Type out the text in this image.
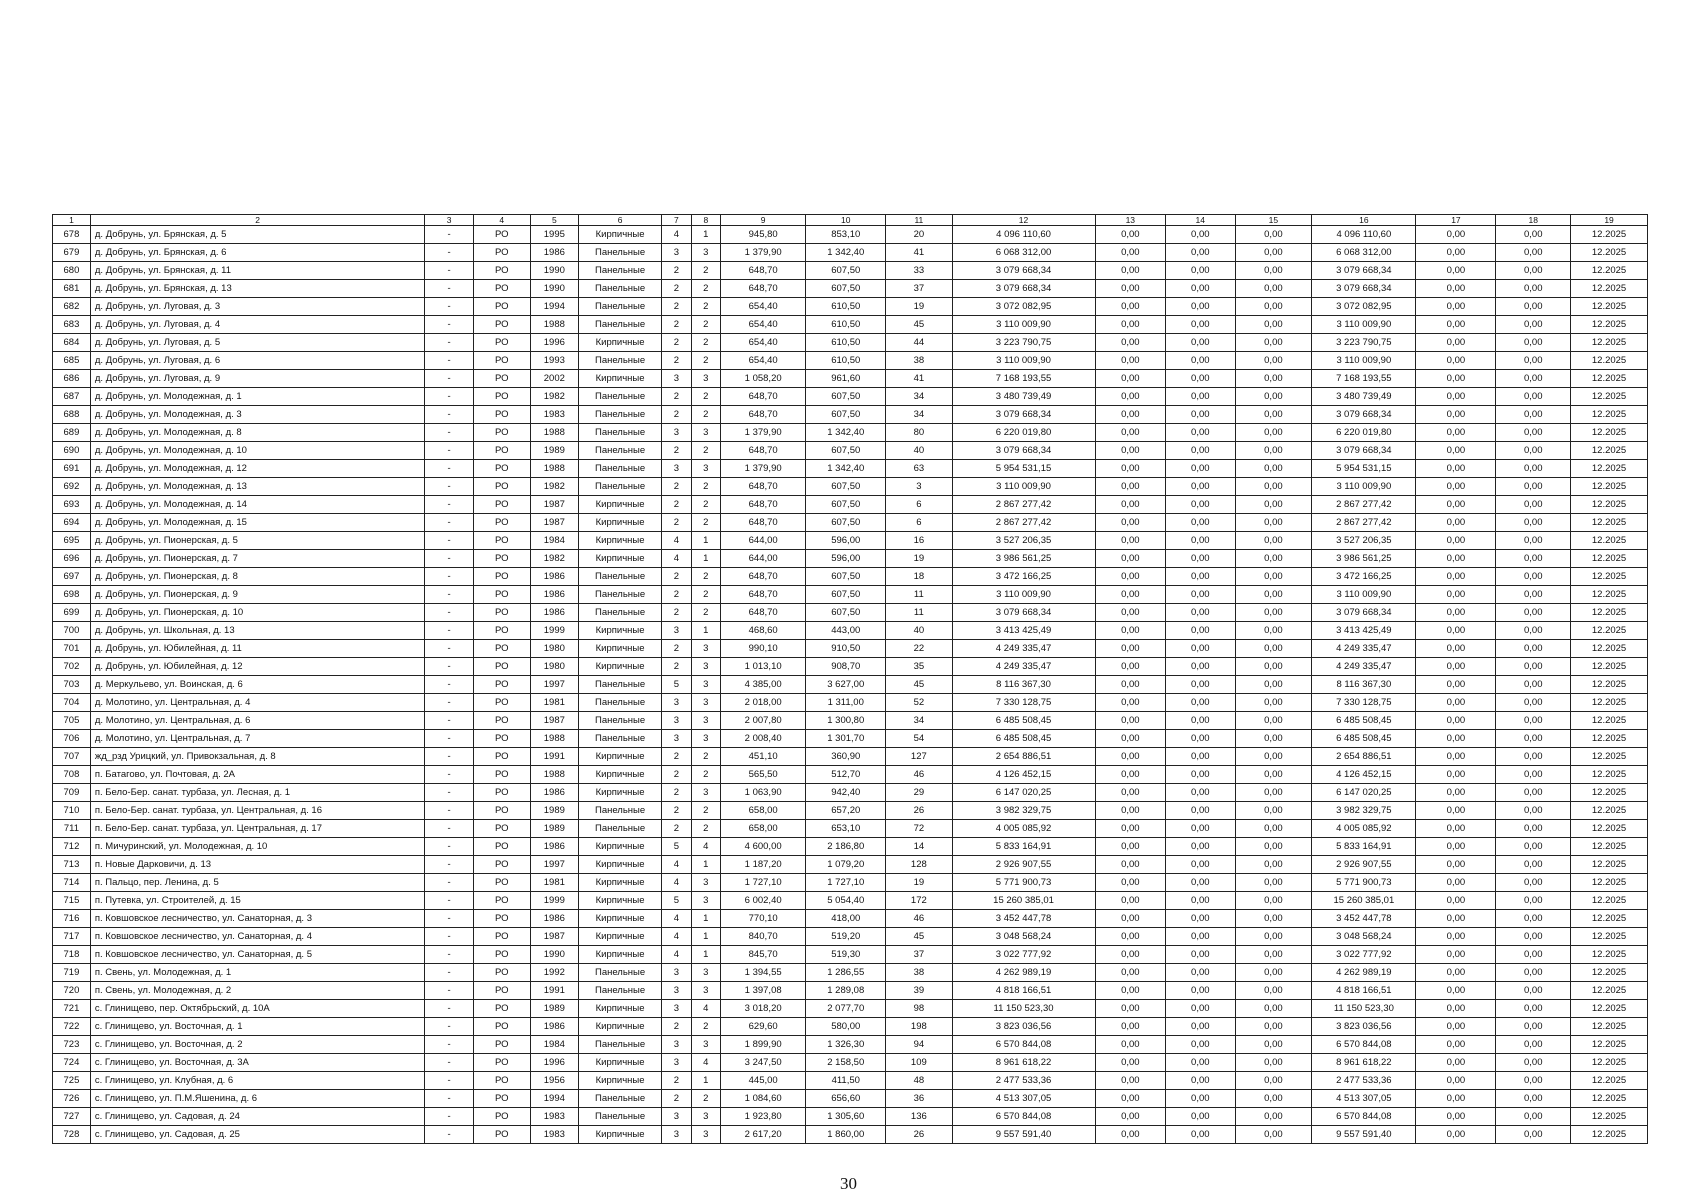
1	2	3	4	5	6	7	8	9	10	11	12	13	14	15	16	17	18	19
678	д. Добрунь, ул. Брянская, д. 5	-	РО	1995	Кирпичные	4	1	945,80	853,10	20	4 096 110,60	0,00	0,00	0,00	4 096 110,60	0,00	0,00	12.2025
679	д. Добрунь, ул. Брянская, д. 6	-	РО	1986	Панельные	3	3	1 379,90	1 342,40	41	6 068 312,00	0,00	0,00	0,00	6 068 312,00	0,00	0,00	12.2025
680	д. Добрунь, ул. Брянская, д. 11	-	РО	1990	Панельные	2	2	648,70	607,50	33	3 079 668,34	0,00	0,00	0,00	3 079 668,34	0,00	0,00	12.2025
681	д. Добрунь, ул. Брянская, д. 13	-	РО	1990	Панельные	2	2	648,70	607,50	37	3 079 668,34	0,00	0,00	0,00	3 079 668,34	0,00	0,00	12.2025
682	д. Добрунь, ул. Луговая, д. 3	-	РО	1994	Панельные	2	2	654,40	610,50	19	3 072 082,95	0,00	0,00	0,00	3 072 082,95	0,00	0,00	12.2025
683	д. Добрунь, ул. Луговая, д. 4	-	РО	1988	Панельные	2	2	654,40	610,50	45	3 110 009,90	0,00	0,00	0,00	3 110 009,90	0,00	0,00	12.2025
684	д. Добрунь, ул. Луговая, д. 5	-	РО	1996	Кирпичные	2	2	654,40	610,50	44	3 223 790,75	0,00	0,00	0,00	3 223 790,75	0,00	0,00	12.2025
685	д. Добрунь, ул. Луговая, д. 6	-	РО	1993	Панельные	2	2	654,40	610,50	38	3 110 009,90	0,00	0,00	0,00	3 110 009,90	0,00	0,00	12.2025
686	д. Добрунь, ул. Луговая, д. 9	-	РО	2002	Кирпичные	3	3	1 058,20	961,60	41	7 168 193,55	0,00	0,00	0,00	7 168 193,55	0,00	0,00	12.2025
687	д. Добрунь, ул. Молодежная, д. 1	-	РО	1982	Панельные	2	2	648,70	607,50	34	3 480 739,49	0,00	0,00	0,00	3 480 739,49	0,00	0,00	12.2025
688	д. Добрунь, ул. Молодежная, д. 3	-	РО	1983	Панельные	2	2	648,70	607,50	34	3 079 668,34	0,00	0,00	0,00	3 079 668,34	0,00	0,00	12.2025
689	д. Добрунь, ул. Молодежная, д. 8	-	РО	1988	Панельные	3	3	1 379,90	1 342,40	80	6 220 019,80	0,00	0,00	0,00	6 220 019,80	0,00	0,00	12.2025
690	д. Добрунь, ул. Молодежная, д. 10	-	РО	1989	Панельные	2	2	648,70	607,50	40	3 079 668,34	0,00	0,00	0,00	3 079 668,34	0,00	0,00	12.2025
691	д. Добрунь, ул. Молодежная, д. 12	-	РО	1988	Панельные	3	3	1 379,90	1 342,40	63	5 954 531,15	0,00	0,00	0,00	5 954 531,15	0,00	0,00	12.2025
692	д. Добрунь, ул. Молодежная, д. 13	-	РО	1982	Панельные	2	2	648,70	607,50	3	3 110 009,90	0,00	0,00	0,00	3 110 009,90	0,00	0,00	12.2025
693	д. Добрунь, ул. Молодежная, д. 14	-	РО	1987	Кирпичные	2	2	648,70	607,50	6	2 867 277,42	0,00	0,00	0,00	2 867 277,42	0,00	0,00	12.2025
694	д. Добрунь, ул. Молодежная, д. 15	-	РО	1987	Кирпичные	2	2	648,70	607,50	6	2 867 277,42	0,00	0,00	0,00	2 867 277,42	0,00	0,00	12.2025
695	д. Добрунь, ул. Пионерская, д. 5	-	РО	1984	Кирпичные	4	1	644,00	596,00	16	3 527 206,35	0,00	0,00	0,00	3 527 206,35	0,00	0,00	12.2025
696	д. Добрунь, ул. Пионерская, д. 7	-	РО	1982	Кирпичные	4	1	644,00	596,00	19	3 986 561,25	0,00	0,00	0,00	3 986 561,25	0,00	0,00	12.2025
697	д. Добрунь, ул. Пионерская, д. 8	-	РО	1986	Панельные	2	2	648,70	607,50	18	3 472 166,25	0,00	0,00	0,00	3 472 166,25	0,00	0,00	12.2025
698	д. Добрунь, ул. Пионерская, д. 9	-	РО	1986	Панельные	2	2	648,70	607,50	11	3 110 009,90	0,00	0,00	0,00	3 110 009,90	0,00	0,00	12.2025
699	д. Добрунь, ул. Пионерская, д. 10	-	РО	1986	Панельные	2	2	648,70	607,50	11	3 079 668,34	0,00	0,00	0,00	3 079 668,34	0,00	0,00	12.2025
700	д. Добрунь, ул. Школьная, д. 13	-	РО	1999	Кирпичные	3	1	468,60	443,00	40	3 413 425,49	0,00	0,00	0,00	3 413 425,49	0,00	0,00	12.2025
701	д. Добрунь, ул. Юбилейная, д. 11	-	РО	1980	Кирпичные	2	3	990,10	910,50	22	4 249 335,47	0,00	0,00	0,00	4 249 335,47	0,00	0,00	12.2025
702	д. Добрунь, ул. Юбилейная, д. 12	-	РО	1980	Кирпичные	2	3	1 013,10	908,70	35	4 249 335,47	0,00	0,00	0,00	4 249 335,47	0,00	0,00	12.2025
703	д. Меркульево, ул. Воинская, д. 6	-	РО	1997	Панельные	5	3	4 385,00	3 627,00	45	8 116 367,30	0,00	0,00	0,00	8 116 367,30	0,00	0,00	12.2025
704	д. Молотино, ул. Центральная, д. 4	-	РО	1981	Панельные	3	3	2 018,00	1 311,00	52	7 330 128,75	0,00	0,00	0,00	7 330 128,75	0,00	0,00	12.2025
705	д. Молотино, ул. Центральная, д. 6	-	РО	1987	Панельные	3	3	2 007,80	1 300,80	34	6 485 508,45	0,00	0,00	0,00	6 485 508,45	0,00	0,00	12.2025
706	д. Молотино, ул. Центральная, д. 7	-	РО	1988	Панельные	3	3	2 008,40	1 301,70	54	6 485 508,45	0,00	0,00	0,00	6 485 508,45	0,00	0,00	12.2025
707	жд_рзд Урицкий, ул. Привокзальная, д. 8	-	РО	1991	Кирпичные	2	2	451,10	360,90	127	2 654 886,51	0,00	0,00	0,00	2 654 886,51	0,00	0,00	12.2025
708	п. Батагово, ул. Почтовая, д. 2А	-	РО	1988	Кирпичные	2	2	565,50	512,70	46	4 126 452,15	0,00	0,00	0,00	4 126 452,15	0,00	0,00	12.2025
709	п. Бело-Бер. санат. турбаза, ул. Лесная, д. 1	-	РО	1986	Кирпичные	2	3	1 063,90	942,40	29	6 147 020,25	0,00	0,00	0,00	6 147 020,25	0,00	0,00	12.2025
710	п. Бело-Бер. санат. турбаза, ул. Центральная, д. 16	-	РО	1989	Панельные	2	2	658,00	657,20	26	3 982 329,75	0,00	0,00	0,00	3 982 329,75	0,00	0,00	12.2025
711	п. Бело-Бер. санат. турбаза, ул. Центральная, д. 17	-	РО	1989	Панельные	2	2	658,00	653,10	72	4 005 085,92	0,00	0,00	0,00	4 005 085,92	0,00	0,00	12.2025
712	п. Мичуринский, ул. Молодежная, д. 10	-	РО	1986	Кирпичные	5	4	4 600,00	2 186,80	14	5 833 164,91	0,00	0,00	0,00	5 833 164,91	0,00	0,00	12.2025
713	п. Новые Дарковичи, д. 13	-	РО	1997	Кирпичные	4	1	1 187,20	1 079,20	128	2 926 907,55	0,00	0,00	0,00	2 926 907,55	0,00	0,00	12.2025
714	п. Пальцо, пер. Ленина, д. 5	-	РО	1981	Кирпичные	4	3	1 727,10	1 727,10	19	5 771 900,73	0,00	0,00	0,00	5 771 900,73	0,00	0,00	12.2025
715	п. Путевка, ул. Строителей, д. 15	-	РО	1999	Кирпичные	5	3	6 002,40	5 054,40	172	15 260 385,01	0,00	0,00	0,00	15 260 385,01	0,00	0,00	12.2025
716	п. Ковшовское лесничество, ул. Санаторная, д. 3	-	РО	1986	Кирпичные	4	1	770,10	418,00	46	3 452 447,78	0,00	0,00	0,00	3 452 447,78	0,00	0,00	12.2025
717	п. Ковшовское лесничество, ул. Санаторная, д. 4	-	РО	1987	Кирпичные	4	1	840,70	519,20	45	3 048 568,24	0,00	0,00	0,00	3 048 568,24	0,00	0,00	12.2025
718	п. Ковшовское лесничество, ул. Санаторная, д. 5	-	РО	1990	Кирпичные	4	1	845,70	519,30	37	3 022 777,92	0,00	0,00	0,00	3 022 777,92	0,00	0,00	12.2025
719	п. Свень, ул. Молодежная, д. 1	-	РО	1992	Панельные	3	3	1 394,55	1 286,55	38	4 262 989,19	0,00	0,00	0,00	4 262 989,19	0,00	0,00	12.2025
720	п. Свень, ул. Молодежная, д. 2	-	РО	1991	Панельные	3	3	1 397,08	1 289,08	39	4 818 166,51	0,00	0,00	0,00	4 818 166,51	0,00	0,00	12.2025
721	с. Глинищево, пер. Октябрьский, д. 10А	-	РО	1989	Кирпичные	3	4	3 018,20	2 077,70	98	11 150 523,30	0,00	0,00	0,00	11 150 523,30	0,00	0,00	12.2025
722	с. Глинищево, ул. Восточная, д. 1	-	РО	1986	Кирпичные	2	2	629,60	580,00	198	3 823 036,56	0,00	0,00	0,00	3 823 036,56	0,00	0,00	12.2025
723	с. Глинищево, ул. Восточная, д. 2	-	РО	1984	Панельные	3	3	1 899,90	1 326,30	94	6 570 844,08	0,00	0,00	0,00	6 570 844,08	0,00	0,00	12.2025
724	с. Глинищево, ул. Восточная, д. 3А	-	РО	1996	Кирпичные	3	4	3 247,50	2 158,50	109	8 961 618,22	0,00	0,00	0,00	8 961 618,22	0,00	0,00	12.2025
725	с. Глинищево, ул. Клубная, д. 6	-	РО	1956	Кирпичные	2	1	445,00	411,50	48	2 477 533,36	0,00	0,00	0,00	2 477 533,36	0,00	0,00	12.2025
726	с. Глинищево, ул. П.М.Яшенина, д. 6	-	РО	1994	Панельные	2	2	1 084,60	656,60	36	4 513 307,05	0,00	0,00	0,00	4 513 307,05	0,00	0,00	12.2025
727	с. Глинищево, ул. Садовая, д. 24	-	РО	1983	Панельные	3	3	1 923,80	1 305,60	136	6 570 844,08	0,00	0,00	0,00	6 570 844,08	0,00	0,00	12.2025
728	с. Глинищево, ул. Садовая, д. 25	-	РО	1983	Кирпичные	3	3	2 617,20	1 860,00	26	9 557 591,40	0,00	0,00	0,00	9 557 591,40	0,00	0,00	12.2025
30
